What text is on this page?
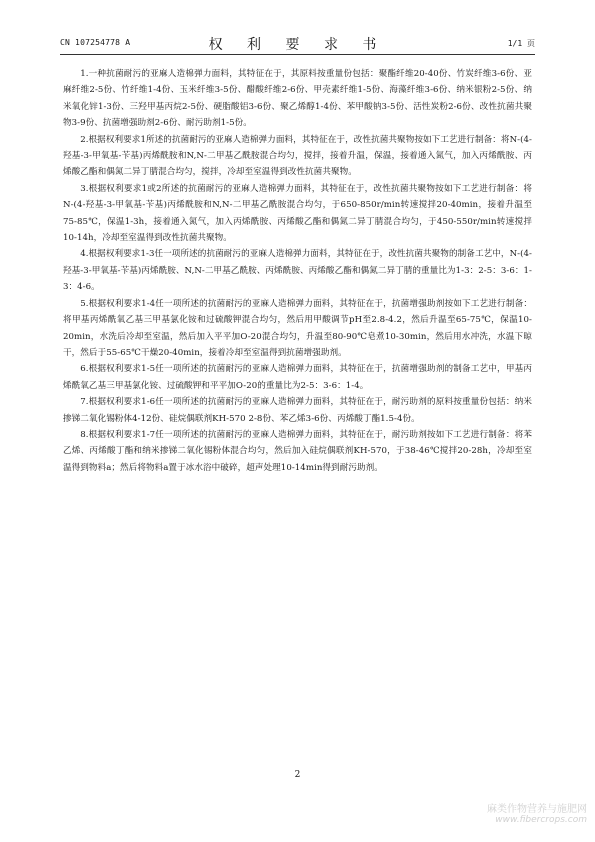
CN 107254778 A	权 利 要 求 书	1/1 页

1.一种抗菌耐污的亚麻人造棉弹力面料，其特征在于，其原料按重量份包括：聚酯纤维20-40份、竹炭纤维3-6份、亚麻纤维2-5份、竹纤维1-4份、玉米纤维3-5份、醋酸纤维2-6份、甲壳素纤维1-5份、海藻纤维3-6份、纳米银粉2-5份、纳米氧化锌1-3份、三羟甲基丙烷2-5份、硬脂酸铝3-6份、聚乙烯醇1-4份、苯甲酸钠3-5份、活性炭粉2-6份、改性抗菌共聚物3-9份、抗菌增强助剂2-6份、耐污助剂1-5份。

2.根据权利要求1所述的抗菌耐污的亚麻人造棉弹力面料，其特征在于，改性抗菌共聚物按如下工艺进行制备：将N-(4-羟基-3-甲氧基-苄基)丙烯酰胺和N,N-二甲基乙酰胺混合均匀，搅拌，接着升温，保温，接着通入氮气，加入丙烯酰胺、丙烯酸乙酯和偶氮二异丁腈混合均匀，搅拌，冷却至室温得到改性抗菌共聚物。

3.根据权利要求1或2所述的抗菌耐污的亚麻人造棉弹力面料，其特征在于，改性抗菌共聚物按如下工艺进行制备：将N-(4-羟基-3-甲氧基-苄基)丙烯酰胺和N,N-二甲基乙酰胺混合均匀，于650-850r/min转速搅拌20-40min，接着升温至75-85℃，保温1-3h，接着通入氮气，加入丙烯酰胺、丙烯酸乙酯和偶氮二异丁腈混合均匀，于450-550r/min转速搅拌10-14h，冷却至室温得到改性抗菌共聚物。

4.根据权利要求1-3任一项所述的抗菌耐污的亚麻人造棉弹力面料，其特征在于，改性抗菌共聚物的制备工艺中，N-(4-羟基-3-甲氧基-苄基)丙烯酰胺、N,N-二甲基乙酰胺、丙烯酰胺、丙烯酸乙酯和偶氮二异丁腈的重量比为1-3：2-5：3-6：1-3：4-6。

5.根据权利要求1-4任一项所述的抗菌耐污的亚麻人造棉弹力面料，其特征在于，抗菌增强助剂按如下工艺进行制备：将甲基丙烯酰氧乙基三甲基氯化铵和过硫酸钾混合均匀，然后用甲酸调节pH至2.8-4.2，然后升温至65-75℃，保温10-20min，水洗后冷却至室温，然后加入平平加O-20混合均匀，升温至80-90℃皂煮10-30min，然后用水冲洗，水温下晾干，然后于55-65℃干燥20-40min，接着冷却至室温得到抗菌增强助剂。

6.根据权利要求1-5任一项所述的抗菌耐污的亚麻人造棉弹力面料，其特征在于，抗菌增强助剂的制备工艺中，甲基丙烯酰氧乙基三甲基氯化铵、过硫酸钾和平平加O-20的重量比为2-5：3-6：1-4。

7.根据权利要求1-6任一项所述的抗菌耐污的亚麻人造棉弹力面料，其特征在于，耐污助剂的原料按重量份包括：纳米掺锑二氧化锡粉体4-12份、硅烷偶联剂KH-570 2-8份、苯乙烯3-6份、丙烯酸丁酯1.5-4份。

8.根据权利要求1-7任一项所述的抗菌耐污的亚麻人造棉弹力面料，其特征在于，耐污助剂按如下工艺进行制备：将苯乙烯、丙烯酸丁酯和纳米掺锑二氧化锡粉体混合均匀，然后加入硅烷偶联剂KH-570，于38-46℃搅拌20-28h，冷却至室温得到物料a；然后将物料a置于冰水浴中破碎，超声处理10-14min得到耐污助剂。

2
麻类作物营养与施肥网
www.fibercrops.com
